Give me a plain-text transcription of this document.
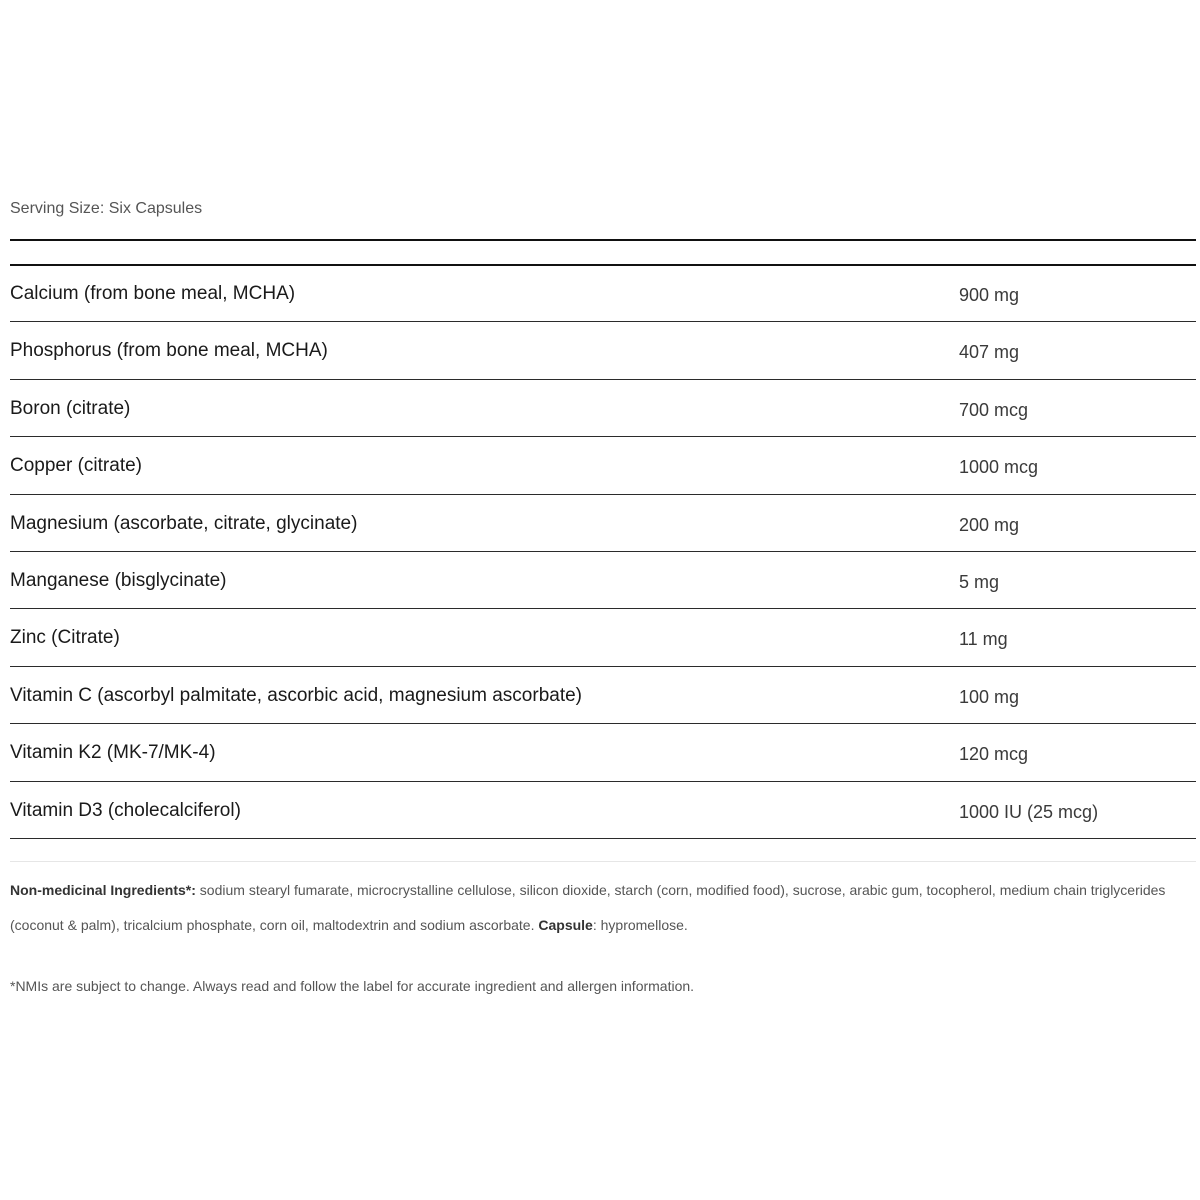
Serving Size: Six Capsules
Calcium (from bone meal, MCHA)	900 mg
Phosphorus (from bone meal, MCHA)	407 mg
Boron (citrate)	700 mcg
Copper (citrate)	1000 mcg
Magnesium (ascorbate, citrate, glycinate)	200 mg
Manganese (bisglycinate)	5 mg
Zinc (Citrate)	11 mg
Vitamin C (ascorbyl palmitate, ascorbic acid, magnesium ascorbate)	100 mg
Vitamin K2 (MK-7/MK-4)	120 mcg
Vitamin D3 (cholecalciferol)	1000 IU (25 mcg)
Non-medicinal Ingredients*: sodium stearyl fumarate, microcrystalline cellulose, silicon dioxide, starch (corn, modified food), sucrose, arabic gum, tocopherol, medium chain triglycerides (coconut & palm), tricalcium phosphate, corn oil, maltodextrin and sodium ascorbate. Capsule: hypromellose.
*NMIs are subject to change. Always read and follow the label for accurate ingredient and allergen information.
